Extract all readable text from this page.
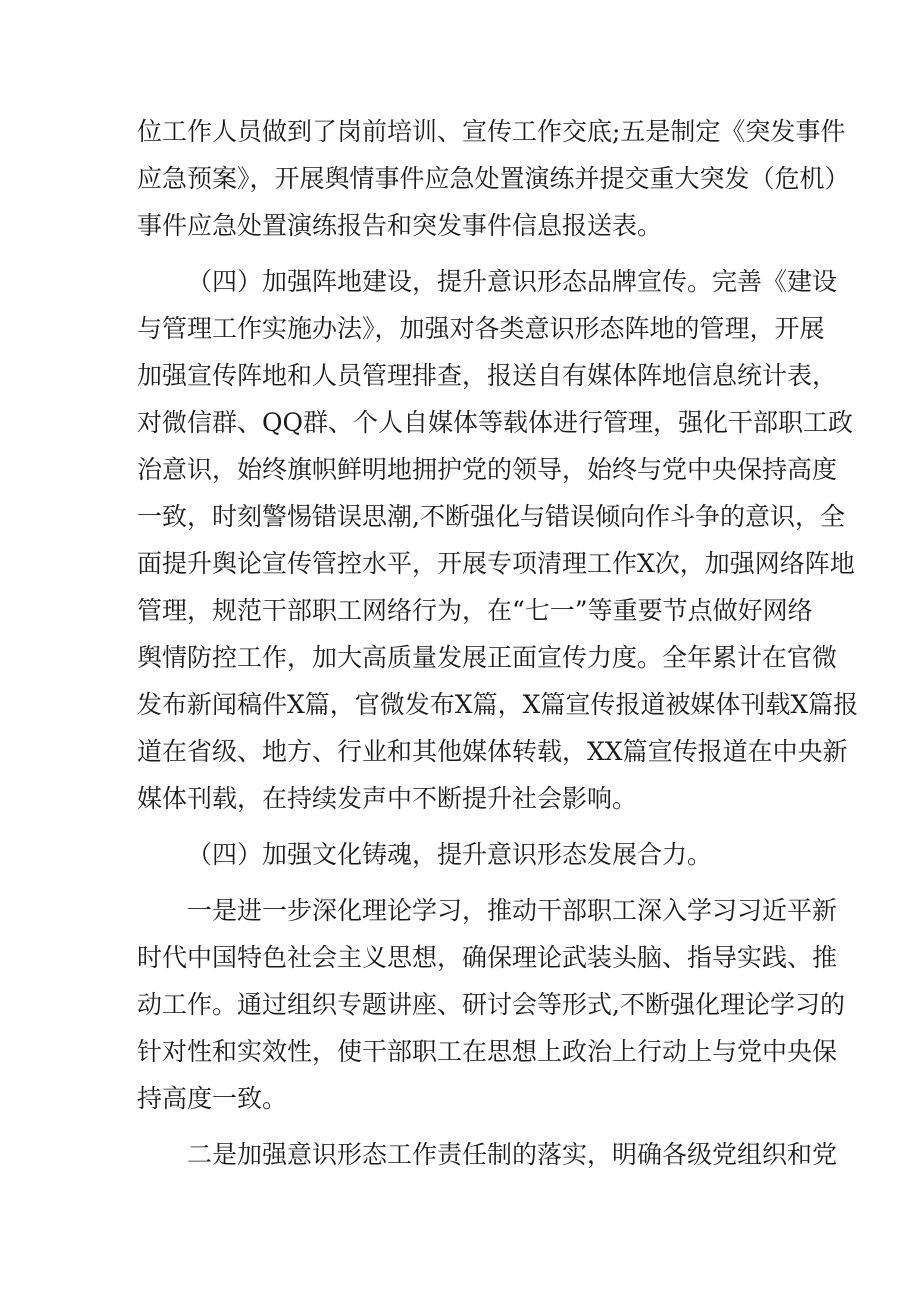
位工作人员做到了岗前培训、宣传工作交底;五是制定《突发事件
应急预案》，开展舆情事件应急处置演练并提交重大突发（危机）
事件应急处置演练报告和突发事件信息报送表。

（四）加强阵地建设，提升意识形态品牌宣传。完善《建设
与管理工作实施办法》，加强对各类意识形态阵地的管理，开展
加强宣传阵地和人员管理排查，报送自有媒体阵地信息统计表，
对微信群、QQ群、个人自媒体等载体进行管理，强化干部职工政
治意识，始终旗帜鲜明地拥护党的领导，始终与党中央保持高度
一致，时刻警惕错误思潮,不断强化与错误倾向作斗争的意识，全
面提升舆论宣传管控水平，开展专项清理工作X次，加强网络阵地
管理，规范干部职工网络行为，在“七一”等重要节点做好网络
舆情防控工作，加大高质量发展正面宣传力度。全年累计在官微
发布新闻稿件X篇，官微发布X篇，X篇宣传报道被媒体刊载X篇报
道在省级、地方、行业和其他媒体转载，XX篇宣传报道在中央新
媒体刊载，在持续发声中不断提升社会影响。

（四）加强文化铸魂，提升意识形态发展合力。

一是进一步深化理论学习，推动干部职工深入学习习近平新
时代中国特色社会主义思想，确保理论武装头脑、指导实践、推
动工作。通过组织专题讲座、研讨会等形式,不断强化理论学习的
针对性和实效性，使干部职工在思想上政治上行动上与党中央保
持高度一致。

二是加强意识形态工作责任制的落实，明确各级党组织和党
